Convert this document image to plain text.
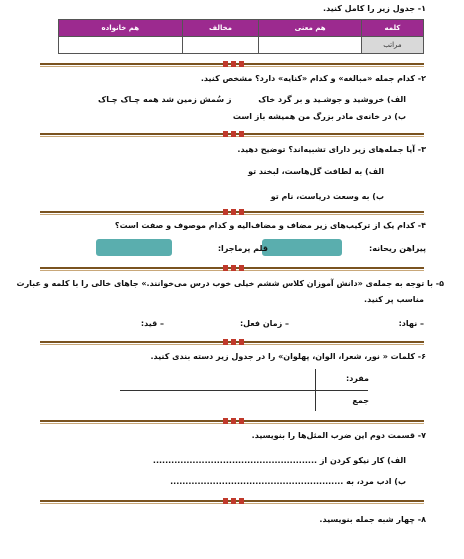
۱- جدول زیر را کامل کنید.
کلمه	هم معنی	مخالف	هم خانواده
مراتب			
۲- کدام جمله «مبالغه» و کدام «کنایه» دارد؟ مشخص کنید.
الف) خروشید و جوشـید و بر گرد خاک
ز سُمش زمین شد همه چـاک چـاک
ب) در خانه‌ی مادر بزرگ من همیشه باز است
۳- آیا جمله‌های زیر دارای تشبیه‌اند؟ توضیح دهید.
الف) به لطافت گل‌هاست، لبخند تو
ب) به وسعت دریاست، نام تو
۴- کدام یک از ترکیب‌های زیر مضاف و مضاف‌الیه و کدام موصوف و صفت است؟
پیراهن ریحانه:
قلم پرماجرا:
۵- با توجه به جمله‌ی «دانش آموزان کلاس ششم خیلی خوب درس می‌خوانند.» جاهای خالی را با کلمه و عبارت
مناسب پر کنید.
– نهاد:
– زمان فعل:
– قید:
۶- کلمات « نور، شعرا، الوان، پهلوان» را در جدول زیر دسته بندی کنید.
مفرد:
جمع
۷- قسمت دوم این ضرب المثل‌ها را بنویسید.
الف) کار نیکو کردن از ......................................................
ب) ادب مرد، به .........................................................
۸- چهار شبه جمله بنویسید.
